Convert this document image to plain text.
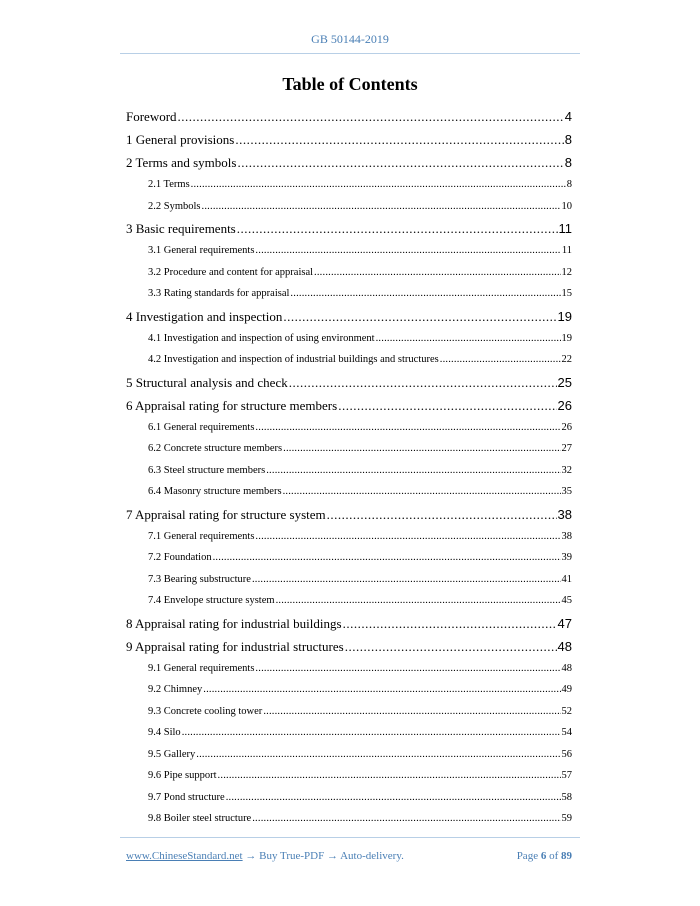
GB 50144-2019
Table of Contents
Foreword .....	4
1 General provisions .....	8
2 Terms and symbols .....	8
2.1 Terms .....	8
2.2 Symbols .....	10
3 Basic requirements .....	11
3.1 General requirements .....	11
3.2 Procedure and content for appraisal .....	12
3.3 Rating standards for appraisal .....	15
4 Investigation and inspection .....	19
4.1 Investigation and inspection of using environment .....	19
4.2 Investigation and inspection of industrial buildings and structures .....	22
5 Structural analysis and check .....	25
6 Appraisal rating for structure members .....	26
6.1 General requirements .....	26
6.2 Concrete structure members .....	27
6.3 Steel structure members .....	32
6.4 Masonry structure members .....	35
7 Appraisal rating for structure system .....	38
7.1 General requirements .....	38
7.2 Foundation .....	39
7.3 Bearing substructure .....	41
7.4 Envelope structure system .....	45
8 Appraisal rating for industrial buildings .....	47
9 Appraisal rating for industrial structures .....	48
9.1 General requirements .....	48
9.2 Chimney .....	49
9.3 Concrete cooling tower .....	52
9.4 Silo .....	54
9.5 Gallery .....	56
9.6 Pipe support .....	57
9.7 Pond structure .....	58
9.8 Boiler steel structure .....	59
www.ChineseStandard.net → Buy True-PDF → Auto-delivery.	Page 6 of 89
